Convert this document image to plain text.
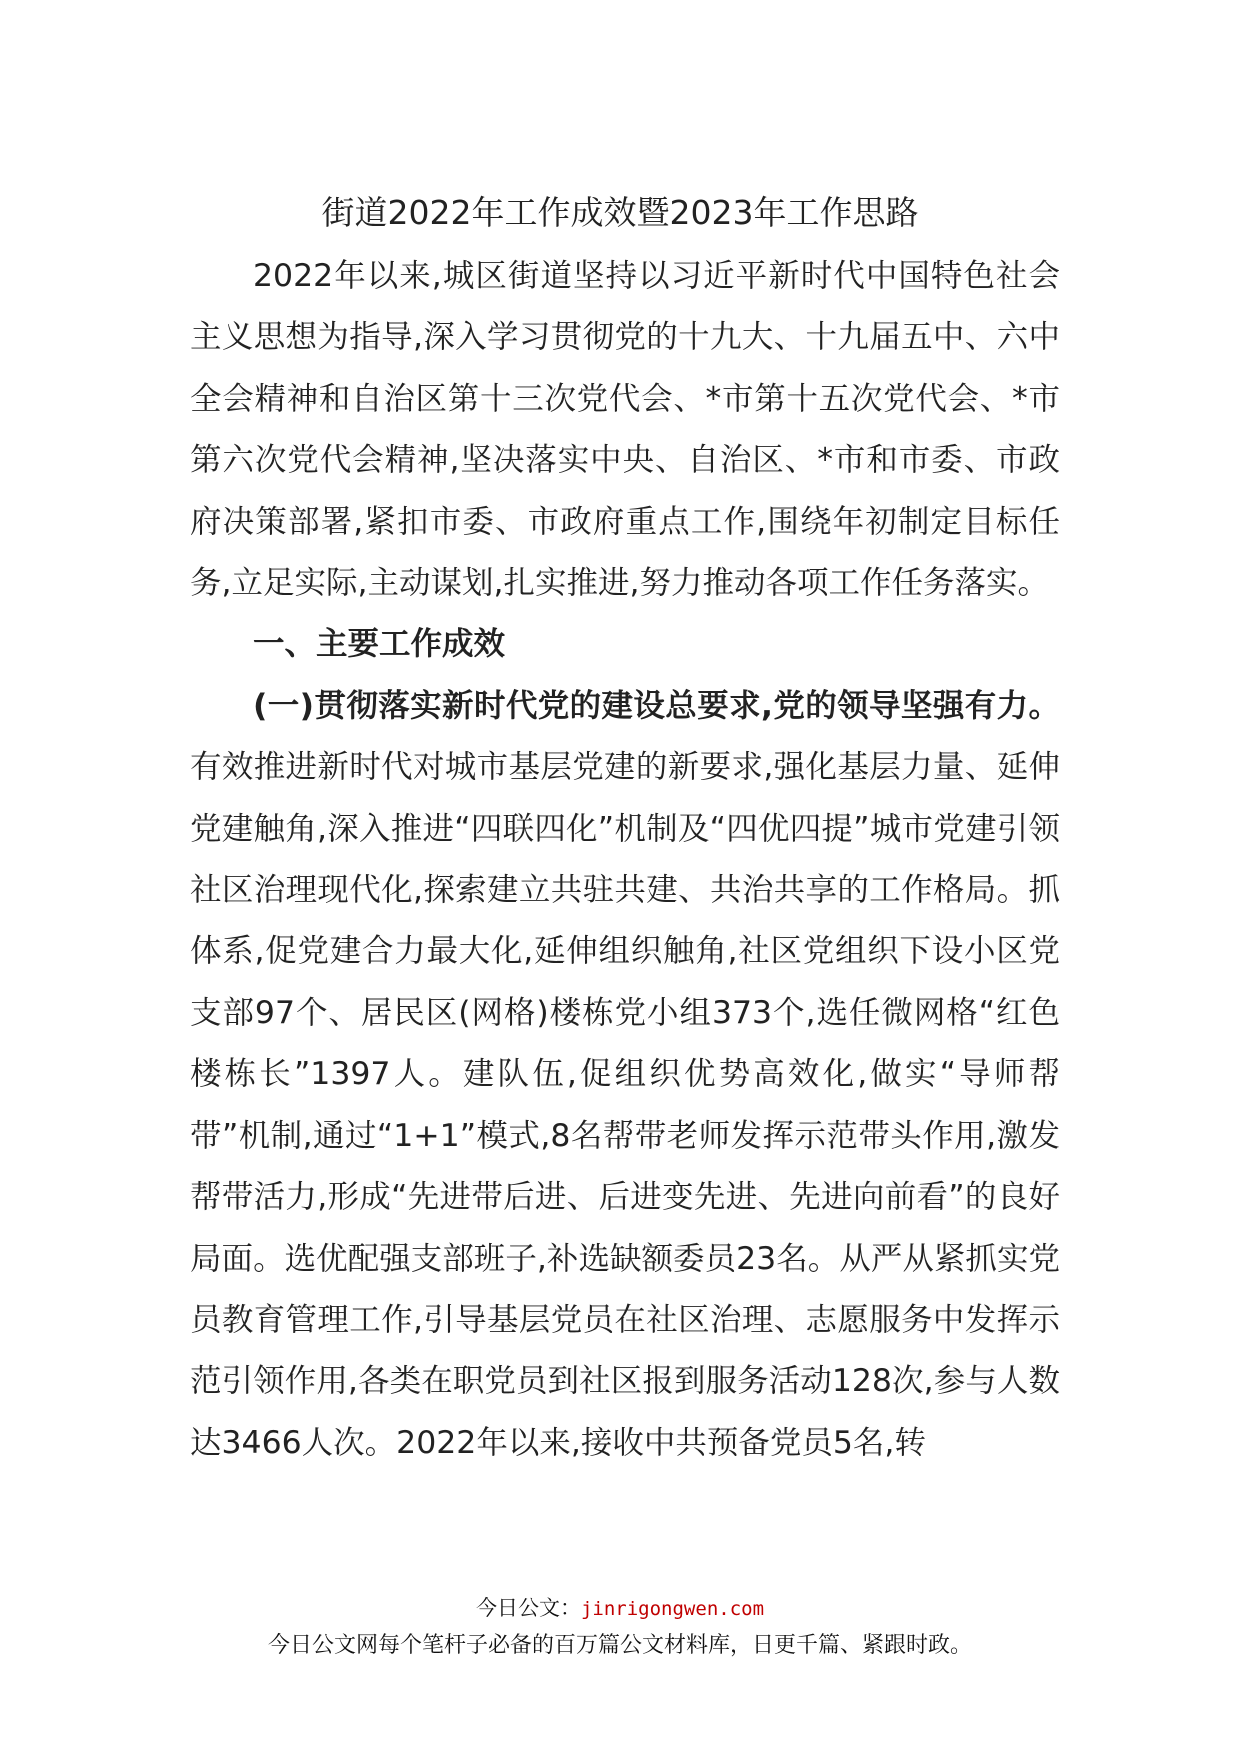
街道2022年工作成效暨2023年工作思路

2022年以来,城区街道坚持以习近平新时代中国特色社会主义思想为指导,深入学习贯彻党的十九大、十九届五中、六中全会精神和自治区第十三次党代会、*市第十五次党代会、*市第六次党代会精神,坚决落实中央、自治区、*市和市委、市政府决策部署,紧扣市委、市政府重点工作,围绕年初制定目标任务,立足实际,主动谋划,扎实推进,努力推动各项工作任务落实。

一、主要工作成效

(一)贯彻落实新时代党的建设总要求,党的领导坚强有力。有效推进新时代对城市基层党建的新要求,强化基层力量、延伸党建触角,深入推进“四联四化”机制及“四优四提”城市党建引领社区治理现代化,探索建立共驻共建、共治共享的工作格局。抓体系,促党建合力最大化,延伸组织触角,社区党组织下设小区党支部97个、居民区(网格)楼栋党小组373个,选任微网格“红色楼栋长”1397人。建队伍,促组织优势高效化,做实“导师帮带”机制,通过“1+1”模式,8名帮带老师发挥示范带头作用,激发帮带活力,形成“先进带后进、后进变先进、先进向前看”的良好局面。选优配强支部班子,补选缺额委员23名。从严从紧抓实党员教育管理工作,引导基层党员在社区治理、志愿服务中发挥示范引领作用,各类在职党员到社区报到服务活动128次,参与人数达3466人次。2022年以来,接收中共预备党员5名,转

今日公文：jinrigongwen.com
今日公文网每个笔杆子必备的百万篇公文材料库，日更千篇、紧跟时政。
